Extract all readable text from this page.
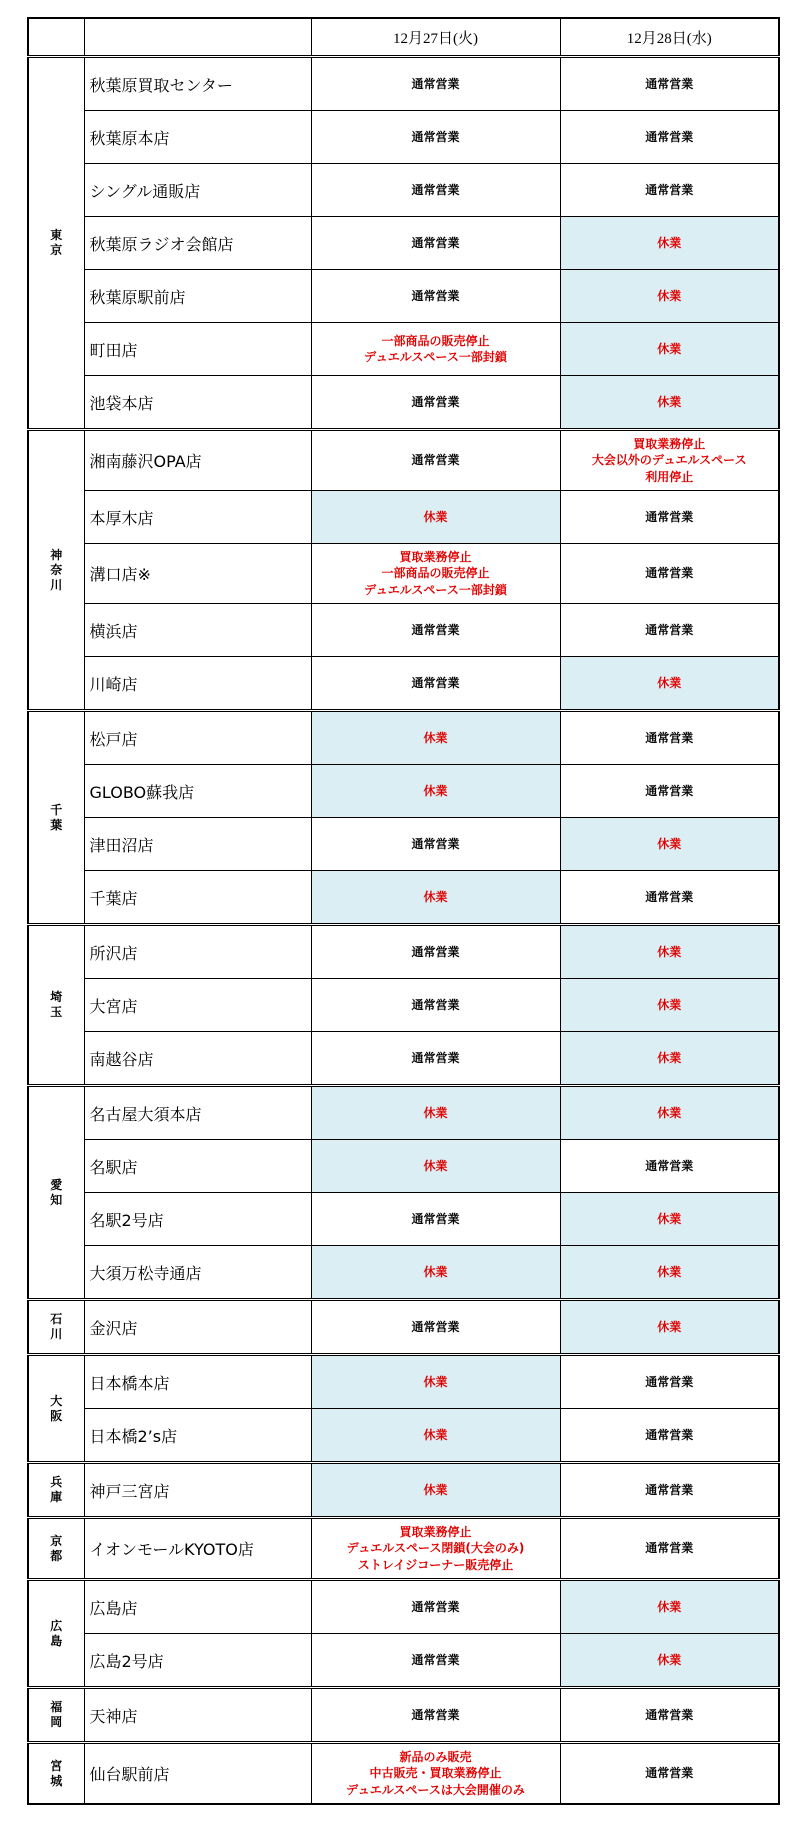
		12月27日(火)	12月28日(水)

東
京	秋葉原買取センター	通常営業	通常営業

	秋葉原本店	通常営業	通常営業

	シングル通販店	通常営業	通常営業

	秋葉原ラジオ会館店	通常営業	休業

	秋葉原駅前店	通常営業	休業

	町田店	一部商品の販売停止
デュエルスペース一部封鎖	休業

	池袋本店	通常営業	休業

神
奈
川	湘南藤沢OPA店	通常営業	買取業務停止
大会以外のデュエルスペース
利用停止

	本厚木店	休業	通常営業

	溝口店※	買取業務停止
一部商品の販売停止
デュエルスペース一部封鎖	通常営業

	横浜店	通常営業	通常営業

	川崎店	通常営業	休業

千
葉	松戸店	休業	通常営業

	GLOBO蘇我店	休業	通常営業

	津田沼店	通常営業	休業

	千葉店	休業	通常営業

埼
玉	所沢店	通常営業	休業

	大宮店	通常営業	休業

	南越谷店	通常営業	休業

愛
知	名古屋大須本店	休業	休業

	名駅店	休業	通常営業

	名駅2号店	通常営業	休業

	大須万松寺通店	休業	休業

石
川	金沢店	通常営業	休業

大
阪	日本橋本店	休業	通常営業

	日本橋2’s店	休業	通常営業

兵
庫	神戸三宮店	休業	通常営業

京
都	イオンモールKYOTO店	買取業務停止
デュエルスペース閉鎖(大会のみ)
ストレイジコーナー販売停止	通常営業

広
島	広島店	通常営業	休業

	広島2号店	通常営業	休業

福
岡	天神店	通常営業	通常営業

宮
城	仙台駅前店	新品のみ販売
中古販売・買取業務停止
デュエルスペースは大会開催のみ	通常営業
